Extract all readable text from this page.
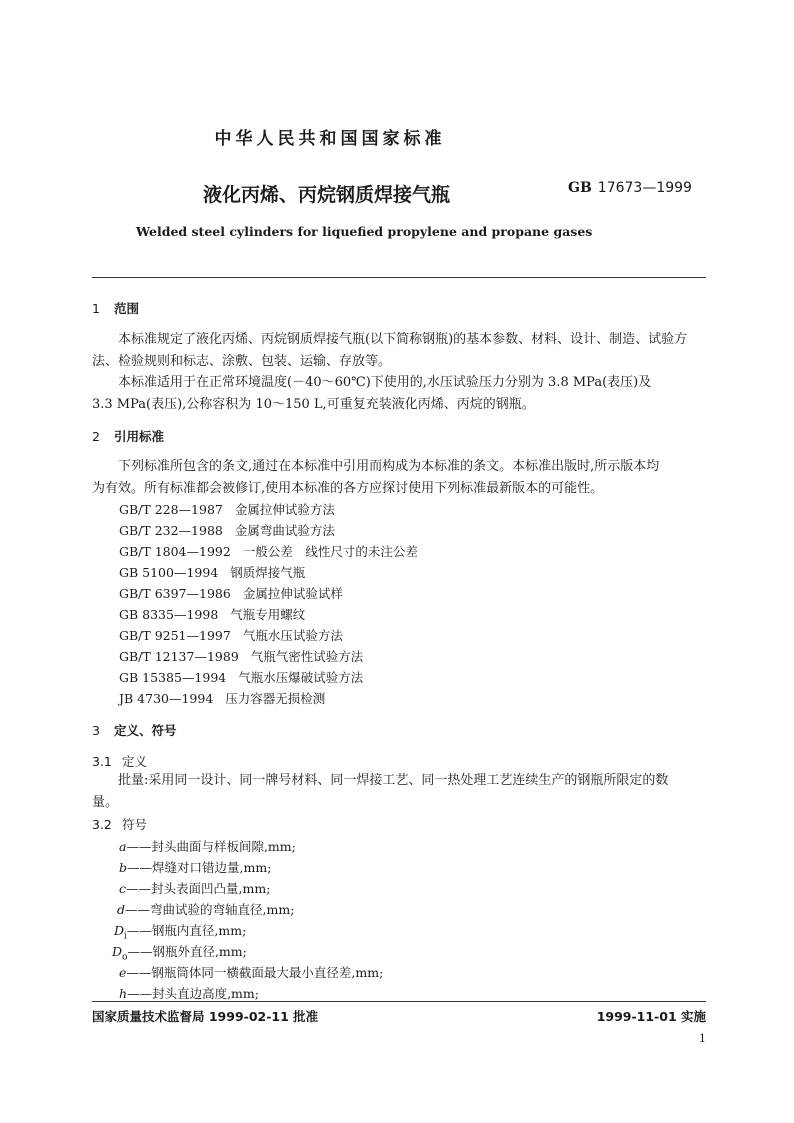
中华人民共和国国家标准
液化丙烯、丙烷钢质焊接气瓶	GB 17673—1999
Welded steel cylinders for liquefied propylene and propane gases
1 范围
本标准规定了液化丙烯、丙烷钢质焊接气瓶(以下简称钢瓶)的基本参数、材料、设计、制造、试验方
法、检验规则和标志、涂敷、包装、运输、存放等。
本标准适用于在正常环境温度(－40～60℃)下使用的,水压试验压力分别为 3.8 MPa(表压)及
3.3 MPa(表压),公称容积为 10～150 L,可重复充装液化丙烯、丙烷的钢瓶。
2 引用标准
下列标准所包含的条文,通过在本标准中引用而构成为本标准的条文。本标准出版时,所示版本均
为有效。所有标准都会被修订,使用本标准的各方应探讨使用下列标准最新版本的可能性。
GB/T 228—1987 金属拉伸试验方法
GB/T 232—1988 金属弯曲试验方法
GB/T 1804—1992 一般公差　线性尺寸的未注公差
GB 5100—1994 钢质焊接气瓶
GB/T 6397—1986 金属拉伸试验试样
GB 8335—1998 气瓶专用螺纹
GB/T 9251—1997 气瓶水压试验方法
GB/T 12137—1989 气瓶气密性试验方法
GB 15385—1994 气瓶水压爆破试验方法
JB 4730—1994 压力容器无损检测
3 定义、符号
3.1 定义
批量:采用同一设计、同一牌号材料、同一焊接工艺、同一热处理工艺连续生产的钢瓶所限定的数
量。
3.2 符号
a——封头曲面与样板间隙,mm;
b——焊缝对口错边量,mm;
c——封头表面凹凸量,mm;
d——弯曲试验的弯轴直径,mm;
$D_i——$钢瓶内直径,mm;
$D_o——$钢瓶外直径,mm;
e——钢瓶筒体同一横截面最大最小直径差,mm;
h——封头直边高度,mm;
国家质量技术监督局 1999-02-11 批准	1999-11-01 实施
1
